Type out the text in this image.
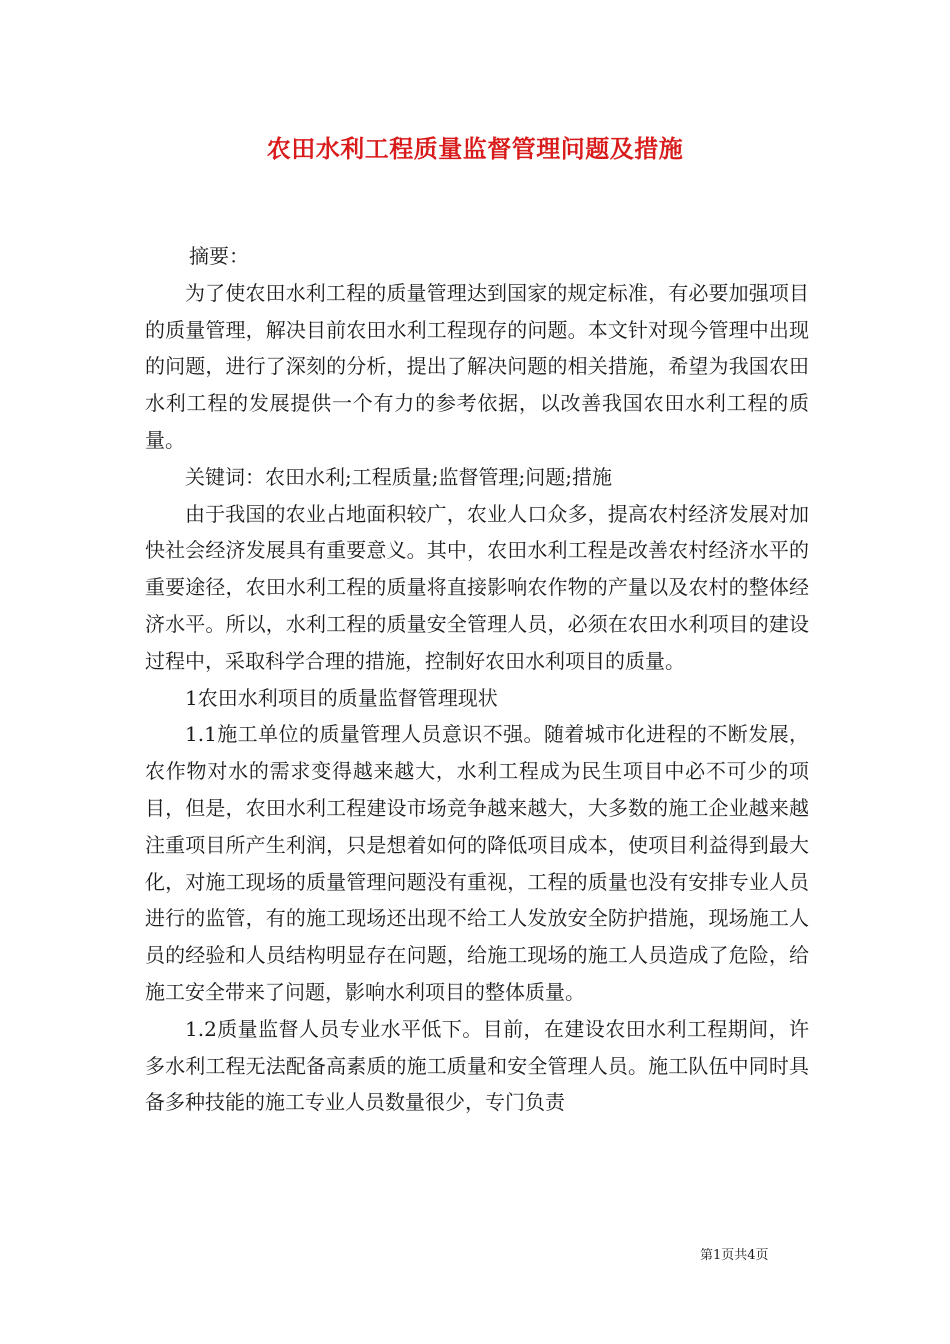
农田水利工程质量监督管理问题及措施

摘要：

为了使农田水利工程的质量管理达到国家的规定标准，有必要加强项目的质量管理，解决目前农田水利工程现存的问题。本文针对现今管理中出现的问题，进行了深刻的分析，提出了解决问题的相关措施，希望为我国农田水利工程的发展提供一个有力的参考依据，以改善我国农田水利工程的质量。

关键词：农田水利;工程质量;监督管理;问题;措施

由于我国的农业占地面积较广，农业人口众多，提高农村经济发展对加快社会经济发展具有重要意义。其中，农田水利工程是改善农村经济水平的重要途径，农田水利工程的质量将直接影响农作物的产量以及农村的整体经济水平。所以，水利工程的质量安全管理人员，必须在农田水利项目的建设过程中，采取科学合理的措施，控制好农田水利项目的质量。

1农田水利项目的质量监督管理现状

1.1施工单位的质量管理人员意识不强。随着城市化进程的不断发展，农作物对水的需求变得越来越大，水利工程成为民生项目中必不可少的项目，但是，农田水利工程建设市场竞争越来越大，大多数的施工企业越来越注重项目所产生利润，只是想着如何的降低项目成本，使项目利益得到最大化，对施工现场的质量管理问题没有重视，工程的质量也没有安排专业人员进行的监管，有的施工现场还出现不给工人发放安全防护措施，现场施工人员的经验和人员结构明显存在问题，给施工现场的施工人员造成了危险，给施工安全带来了问题，影响水利项目的整体质量。

1.2质量监督人员专业水平低下。目前，在建设农田水利工程期间，许多水利工程无法配备高素质的施工质量和安全管理人员。施工队伍中同时具备多种技能的施工专业人员数量很少，专门负责

第1页共4页
